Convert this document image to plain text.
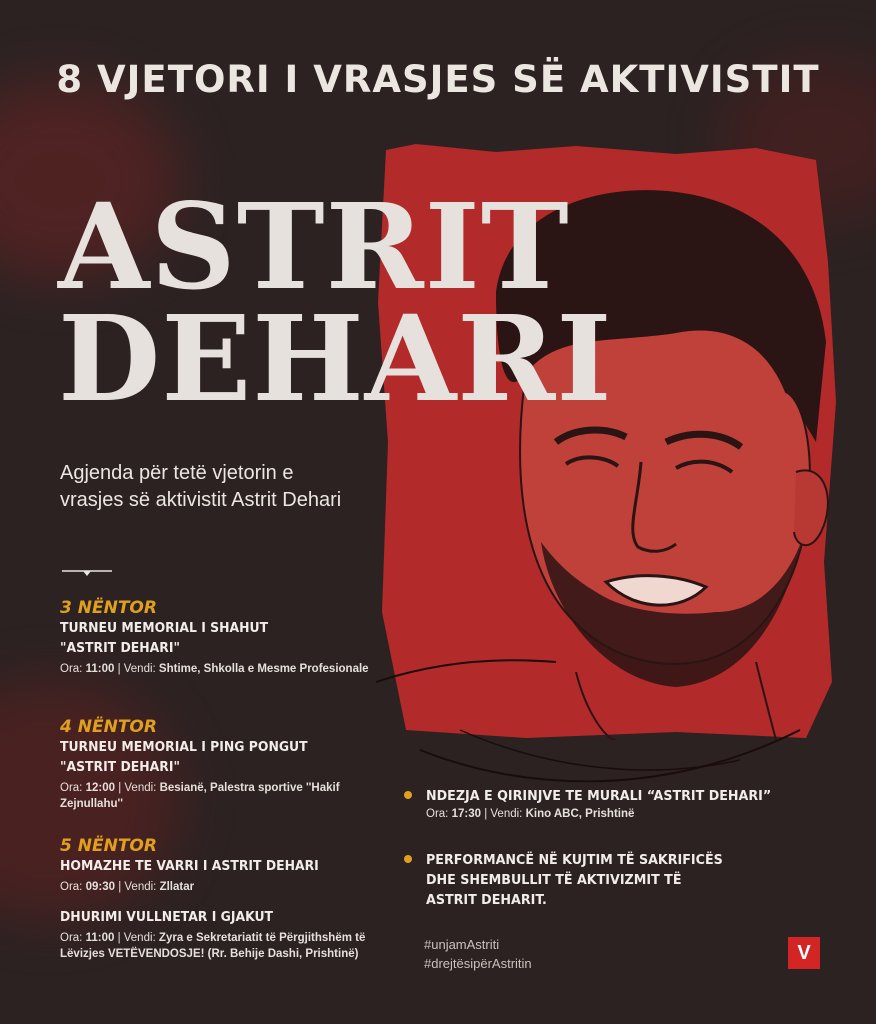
8 VJETORI I VRASJES SË AKTIVISTIT
ASTRIT
DEHARI

Agjenda për tetë vjetorin e vrasjes së aktivistit Astrit Dehari

3 NËNTOR

TURNEU MEMORIAL I SHAHUT

"ASTRIT DEHARI"

Ora: 11:00 | Vendi: Shtime, Shkolla e Mesme Profesionale

4 NËNTOR

TURNEU MEMORIAL I PING PONGUT

"ASTRIT DEHARI"

Ora: 12:00 | Vendi: Besianë, Palestra sportive ''Hakif Zejnullahu''

5 NËNTOR

HOMAZHE TE VARRI I ASTRIT DEHARI

Ora: 09:30 | Vendi: Zllatar

DHURIMI VULLNETAR I GJAKUT

Ora: 11:00 | Vendi: Zyra e Sekretariatit të Përgjithshëm të Lëvizjes VETËVENDOSJE! (Rr. Behije Dashi, Prishtinë)

NDEZJA E QIRINJVE TE MURALI “ASTRIT DEHARI”

Ora: 17:30 | Vendi: Kino ABC, Prishtinë

PERFORMANCË NË KUJTIM TË SAKRIFICËS

DHE SHEMBULLIT TË AKTIVIZMIT TË

ASTRIT DEHARIT.

#unjamAstriti
#drejtësipërAstritin	V
